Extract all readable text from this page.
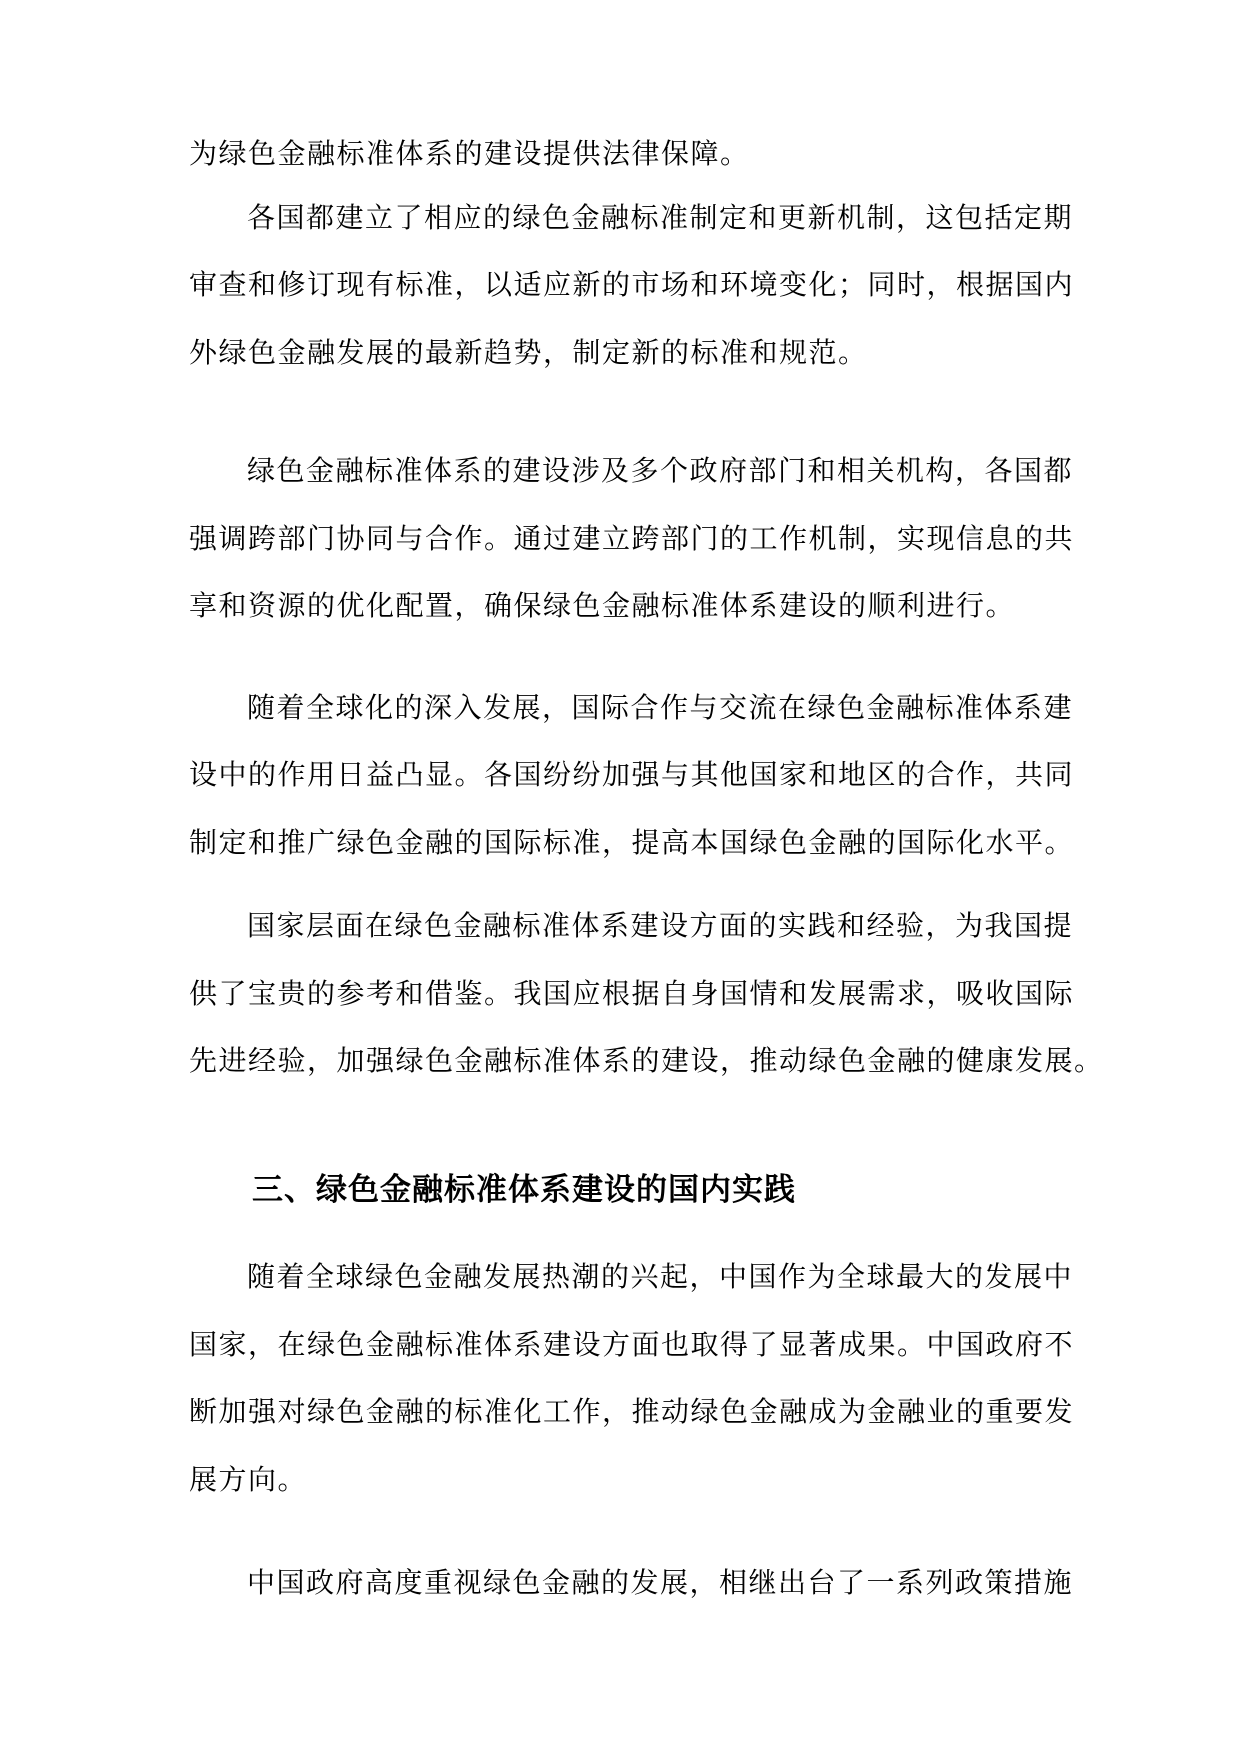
为绿色金融标准体系的建设提供法律保障。
各国都建立了相应的绿色金融标准制定和更新机制，这包括定期
审查和修订现有标准，以适应新的市场和环境变化；同时，根据国内
外绿色金融发展的最新趋势，制定新的标准和规范。
绿色金融标准体系的建设涉及多个政府部门和相关机构，各国都
强调跨部门协同与合作。通过建立跨部门的工作机制，实现信息的共
享和资源的优化配置，确保绿色金融标准体系建设的顺利进行。
随着全球化的深入发展，国际合作与交流在绿色金融标准体系建
设中的作用日益凸显。各国纷纷加强与其他国家和地区的合作，共同
制定和推广绿色金融的国际标准，提高本国绿色金融的国际化水平。
国家层面在绿色金融标准体系建设方面的实践和经验，为我国提
供了宝贵的参考和借鉴。我国应根据自身国情和发展需求，吸收国际
先进经验，加强绿色金融标准体系的建设，推动绿色金融的健康发展。
三、绿色金融标准体系建设的国内实践
随着全球绿色金融发展热潮的兴起，中国作为全球最大的发展中
国家，在绿色金融标准体系建设方面也取得了显著成果。中国政府不
断加强对绿色金融的标准化工作，推动绿色金融成为金融业的重要发
展方向。
中国政府高度重视绿色金融的发展，相继出台了一系列政策措施
